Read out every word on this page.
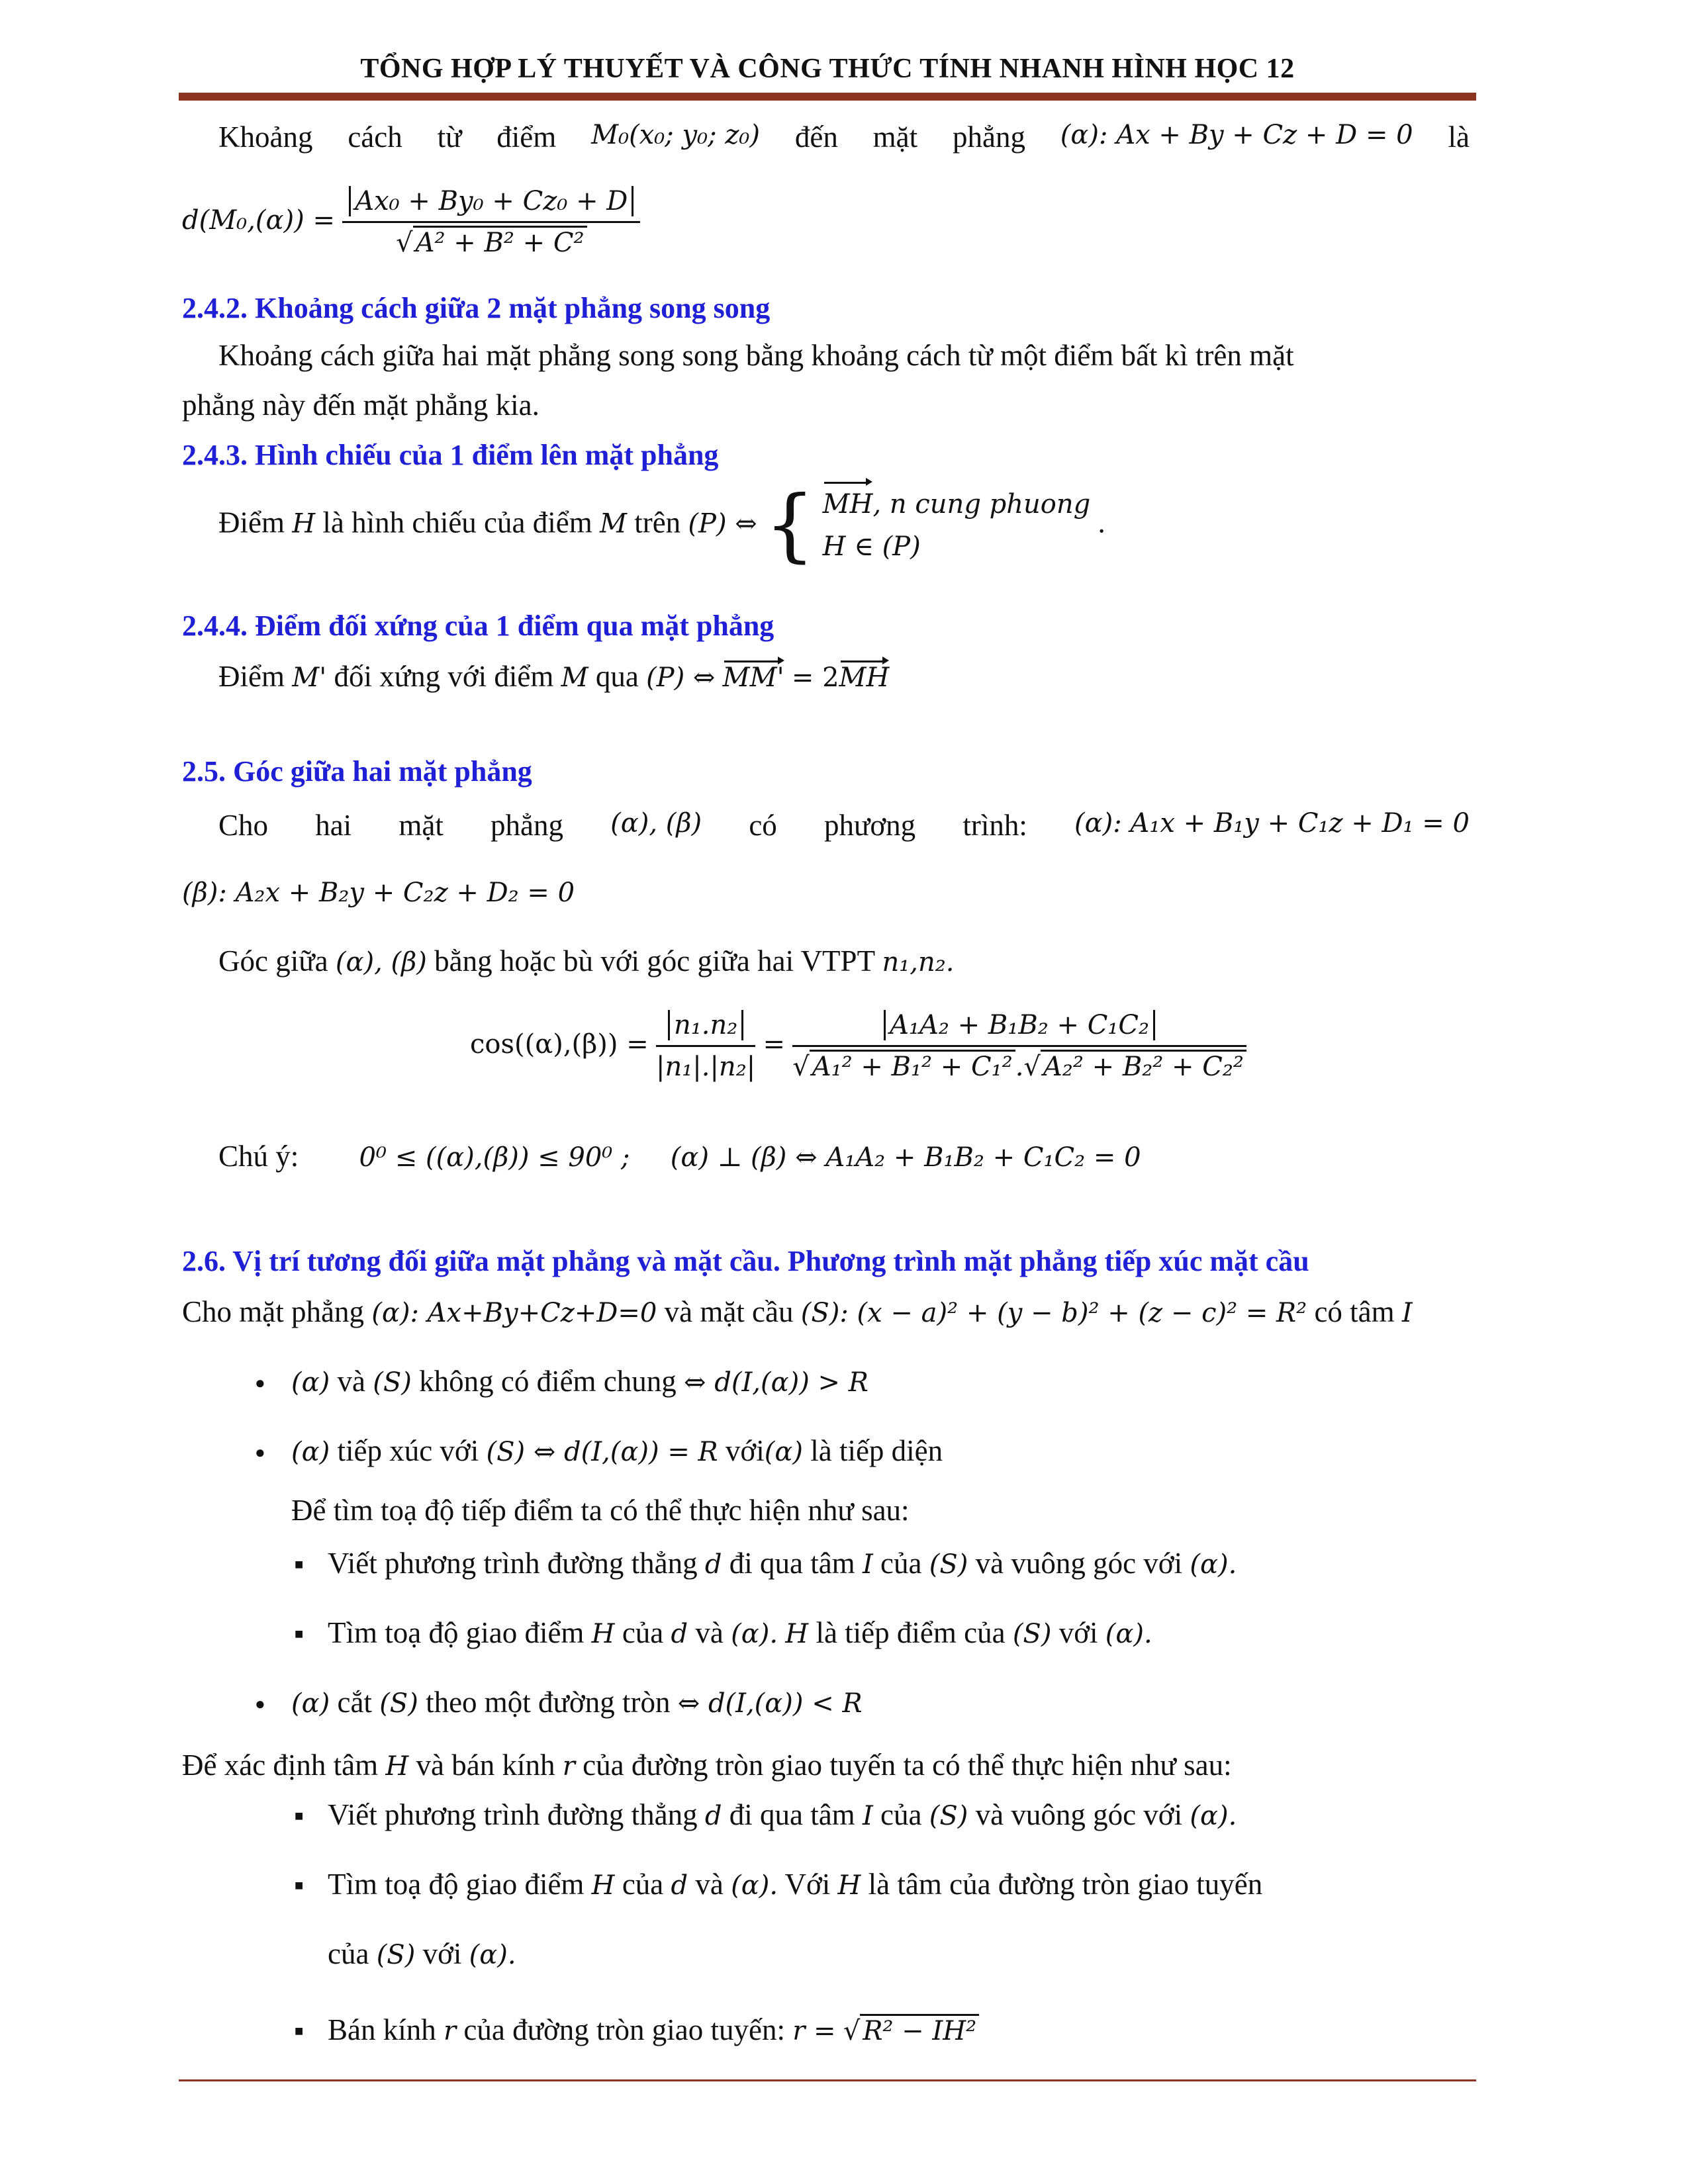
TỔNG HỢP LÝ THUYẾT VÀ CÔNG THỨC TÍNH NHANH HÌNH HỌC 12
Khoảng cách từ điểm M₀(x₀; y₀; z₀) đến mặt phẳng (α): Ax + By + Cz + D = 0 là
$d(M_0,(\alpha)) = \frac{\text{Ax₀ + By₀ + Cz₀ + D}}{\text{√ A² + B² + C²}}$
2.4.2. Khoảng cách giữa 2 mặt phẳng song song
Khoảng cách giữa hai mặt phẳng song song bằng khoảng cách từ một điểm bất kì trên mặt
phẳng này đến mặt phẳng kia.
2.4.3. Hình chiếu của 1 điểm lên mặt phẳng
Điểm H là hình chiếu của điểm M trên (P) ⇔ { MH, n cung phuong
H ∈ (P)
.
2.4.4. Điểm đối xứng của 1 điểm qua mặt phẳng
Điểm M' đối xứng với điểm M qua (P) ⇔ MM' = 2MH
2.5. Góc giữa hai mặt phẳng
Cho hai mặt phẳng (α), (β) có phương trình: (α): A₁x + B₁y + C₁z + D₁ = 0
(β): A₂x + B₂y + C₂z + D₂ = 0
Góc giữa (α), (β) bằng hoặc bù với góc giữa hai VTPT n₁,n₂.
$\cos((\alpha),(\beta)) = \frac{\text{n₁.n₂}}{\text{|n₁|.|n₂|}} = \frac{\text{A₁A₂ + B₁B₂ + C₁C₂}}{\text{√ A₁² + B₁² + C₁² .√ A₂² + B₂² + C₂²}}$
Chú ý: 0⁰ ≤ ((α),(β)) ≤ 90⁰ ; (α) ⊥ (β) ⇔ A₁A₂ + B₁B₂ + C₁C₂ = 0
2.6. Vị trí tương đối giữa mặt phẳng và mặt cầu. Phương trình mặt phẳng tiếp xúc mặt cầu
Cho mặt phẳng (α): Ax+By+Cz+D=0 và mặt cầu (S): (x − a)² + (y − b)² + (z − c)² = R² có tâm I
● (α) và (S) không có điểm chung ⇔ d(I,(α)) > R
● (α) tiếp xúc với (S) ⇔ d(I,(α)) = R với(α) là tiếp diện
Để tìm toạ độ tiếp điểm ta có thể thực hiện như sau:
■ Viết phương trình đường thẳng d đi qua tâm I của (S) và vuông góc với (α).
■ Tìm toạ độ giao điểm H của d và (α). H là tiếp điểm của (S) với (α).
● (α) cắt (S) theo một đường tròn ⇔ d(I,(α)) < R
Để xác định tâm H và bán kính r của đường tròn giao tuyến ta có thể thực hiện như sau:
■ Viết phương trình đường thẳng d đi qua tâm I của (S) và vuông góc với (α).
■ Tìm toạ độ giao điểm H của d và (α). Với H là tâm của đường tròn giao tuyến
của (S) với (α).
■ Bán kính r của đường tròn giao tuyến: r = √ R² − IH²
